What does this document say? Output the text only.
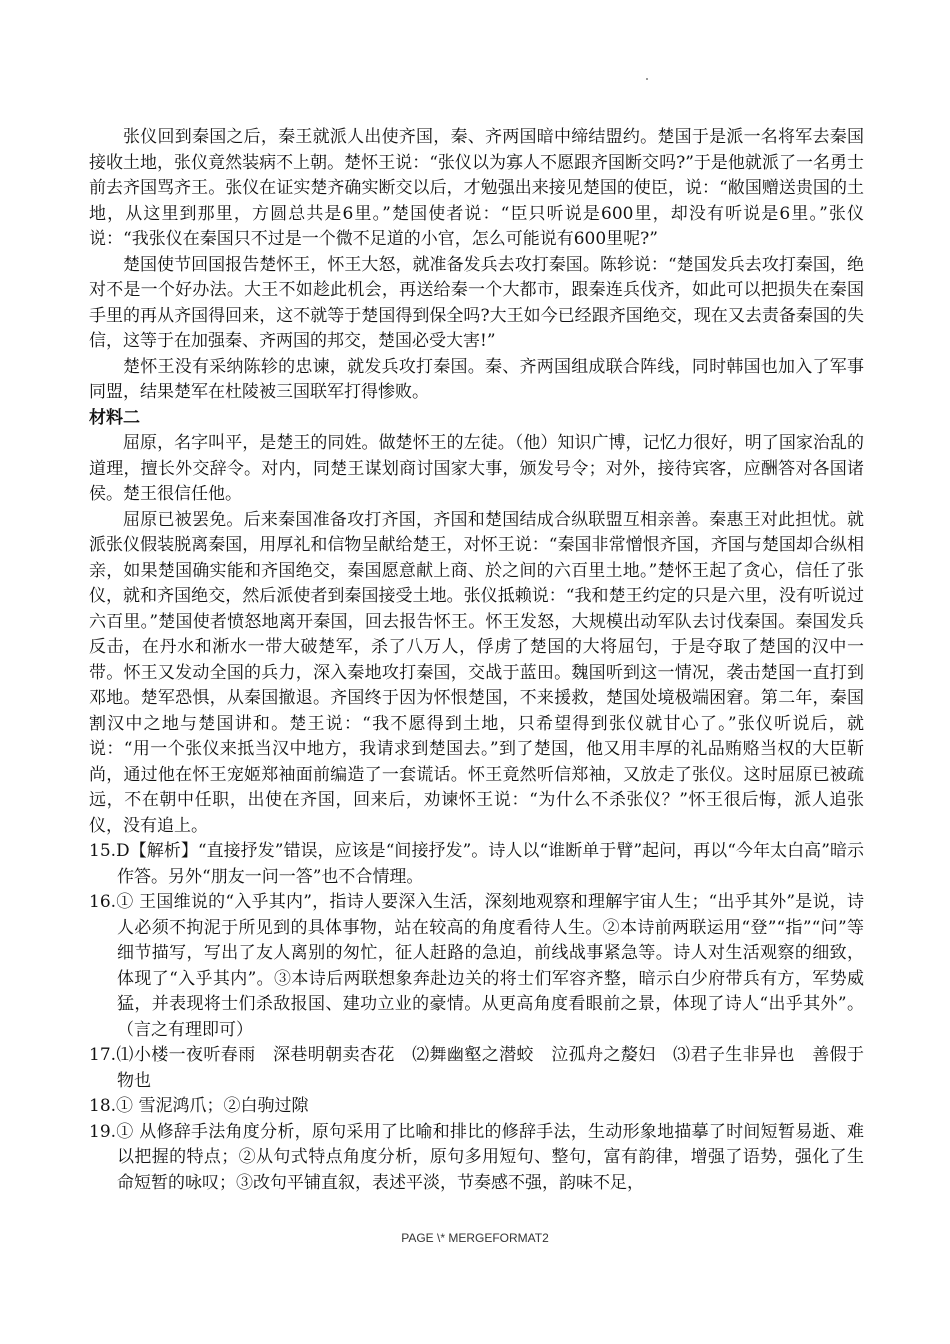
张仪回到秦国之后，秦王就派人出使齐国，秦、齐两国暗中缔结盟约。楚国于是派一名将军去秦国接收土地，张仪竟然装病不上朝。楚怀王说：“张仪以为寡人不愿跟齐国断交吗?”于是他就派了一名勇士前去齐国骂齐王。张仪在证实楚齐确实断交以后，才勉强出来接见楚国的使臣，说：“敝国赠送贵国的土地，从这里到那里，方圆总共是6里。”楚国使者说：“臣只听说是600里，却没有听说是6里。”张仪说：“我张仪在秦国只不过是一个微不足道的小官，怎么可能说有600里呢?”

楚国使节回国报告楚怀王，怀王大怒，就准备发兵去攻打秦国。陈轸说：“楚国发兵去攻打秦国，绝对不是一个好办法。大王不如趁此机会，再送给秦一个大都市，跟秦连兵伐齐，如此可以把损失在秦国手里的再从齐国得回来，这不就等于楚国得到保全吗?大王如今已经跟齐国绝交，现在又去责备秦国的失信，这等于在加强秦、齐两国的邦交，楚国必受大害!”

楚怀王没有采纳陈轸的忠谏，就发兵攻打秦国。秦、齐两国组成联合阵线，同时韩国也加入了军事同盟，结果楚军在杜陵被三国联军打得惨败。

材料二

屈原，名字叫平，是楚王的同姓。做楚怀王的左徒。（他）知识广博，记忆力很好，明了国家治乱的道理，擅长外交辞令。对内，同楚王谋划商讨国家大事，颁发号令；对外，接待宾客，应酬答对各国诸侯。楚王很信任他。

屈原已被罢免。后来秦国准备攻打齐国，齐国和楚国结成合纵联盟互相亲善。秦惠王对此担忧。就派张仪假装脱离秦国，用厚礼和信物呈献给楚王，对怀王说：“秦国非常憎恨齐国，齐国与楚国却合纵相亲，如果楚国确实能和齐国绝交，秦国愿意献上商、於之间的六百里土地。”楚怀王起了贪心，信任了张仪，就和齐国绝交，然后派使者到秦国接受土地。张仪抵赖说：“我和楚王约定的只是六里，没有听说过六百里。”楚国使者愤怒地离开秦国，回去报告怀王。怀王发怒，大规模出动军队去讨伐秦国。秦国发兵反击，在丹水和淅水一带大破楚军，杀了八万人，俘虏了楚国的大将屈匄，于是夺取了楚国的汉中一带。怀王又发动全国的兵力，深入秦地攻打秦国，交战于蓝田。魏国听到这一情况，袭击楚国一直打到邓地。楚军恐惧，从秦国撤退。齐国终于因为怀恨楚国，不来援救，楚国处境极端困窘。第二年，秦国割汉中之地与楚国讲和。楚王说：“我不愿得到土地，只希望得到张仪就甘心了。”张仪听说后，就说：“用一个张仪来抵当汉中地方，我请求到楚国去。”到了楚国，他又用丰厚的礼品贿赂当权的大臣靳尚，通过他在怀王宠姬郑袖面前编造了一套谎话。怀王竟然听信郑袖，又放走了张仪。这时屈原已被疏远，不在朝中任职，出使在齐国，回来后，劝谏怀王说：“为什么不杀张仪？”怀王很后悔，派人追张仪，没有追上。

15.D【解析】“直接抒发”错误，应该是“间接抒发”。诗人以“谁断单于臂”起问，再以“今年太白高”暗示作答。另外“朋友一问一答”也不合情理。

16.① 王国维说的“入乎其内”，指诗人要深入生活，深刻地观察和理解宇宙人生；“出乎其外”是说，诗人必须不拘泥于所见到的具体事物，站在较高的角度看待人生。②本诗前两联运用“登”“指”“问”等细节描写，写出了友人离别的匆忙，征人赶路的急迫，前线战事紧急等。诗人对生活观察的细致，体现了“入乎其内”。③本诗后两联想象奔赴边关的将士们军容齐整，暗示白少府带兵有方，军势威猛，并表现将士们杀敌报国、建功立业的豪情。从更高角度看眼前之景，体现了诗人“出乎其外”。（言之有理即可）

17.⑴小楼一夜听春雨　深巷明朝卖杏花　⑵舞幽壑之潜蛟　泣孤舟之嫠妇　⑶君子生非异也　善假于物也

18.① 雪泥鸿爪；②白驹过隙

19.① 从修辞手法角度分析，原句采用了比喻和排比的修辞手法，生动形象地描摹了时间短暂易逝、难以把握的特点；②从句式特点角度分析，原句多用短句、整句，富有韵律，增强了语势，强化了生命短暂的咏叹；③改句平铺直叙，表述平淡，节奏感不强，韵味不足，

PAGE \* MERGEFORMAT2
